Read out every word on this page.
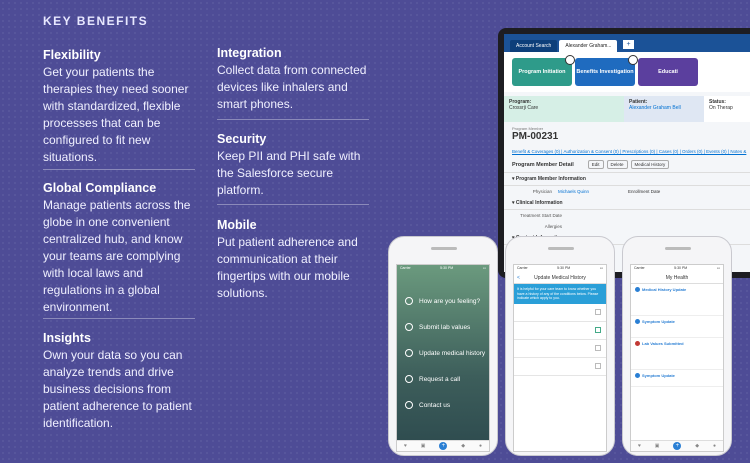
KEY BENEFITS
Flexibility

Get your patients the therapies they need sooner with standardized, flexible processes that can be configured to fit new situations.

Global Compliance

Manage patients across the globe in one convenient centralized hub, and know your teams are complying with local laws and regulations in a global environment.

Insights

Own your data so you can analyze trends and drive business decisions from patient adherence to patient identification.

Integration

Collect data from connected devices like inhalers and smart phones.

Security

Keep PII and PHI safe with the Salesforce secure platform.

Mobile

Put patient adherence and communication at their fingertips with our mobile solutions.

Account Search	Alexander Graham...	+
Program Initiation Benefits Investigation	Educati
Program:
Crossrji Care
Patient:
Alexander Graham Bell
Status:
On Therap
Program Member
PM-00231
Benefit & Coverages (0) | Authorization & Consent (0) | Prescriptions (0) | Cases (0) | Orders (0) | Events (0) | Notes &
Program Member Detail	Edit	Delete	Medical History
▾ Program Member Information
Physician Michaels Quinn	Enrollment Date
▾ Clinical Information
Treatment Start Date
Allergies
Carrier	5:30 PM	▭
How are you feeling?
Submit lab values
Update medical history
Request a call
Contact us
♥	▣	+	◆	●
Carrier	5:30 PM	▭
<	Update Medical History
It is helpful for your care team to know whether you have a history of any of the conditions below. Please indicate which apply to you.
Kidney Disease
Blood Clotting
AA
MDS
Carrier	5:30 PM	▭
My Health
Medical History Update
Kidney Disease: yes
Blood Clotting: yes
AA: no
MDS: yes
Symptom Update
How Are You Feeling Today? Good
Additional Details: This is great!
Lab Values Submitted
Platelets (K/uL) Hi: 170
Hemoglobin (g/dL): 2.0
Granulocyte (mm3) Hi: 250
LDH (U/L): 44
Symptom Update
How Are You Feeling Today? OK
♥	▣	+	◆	●
